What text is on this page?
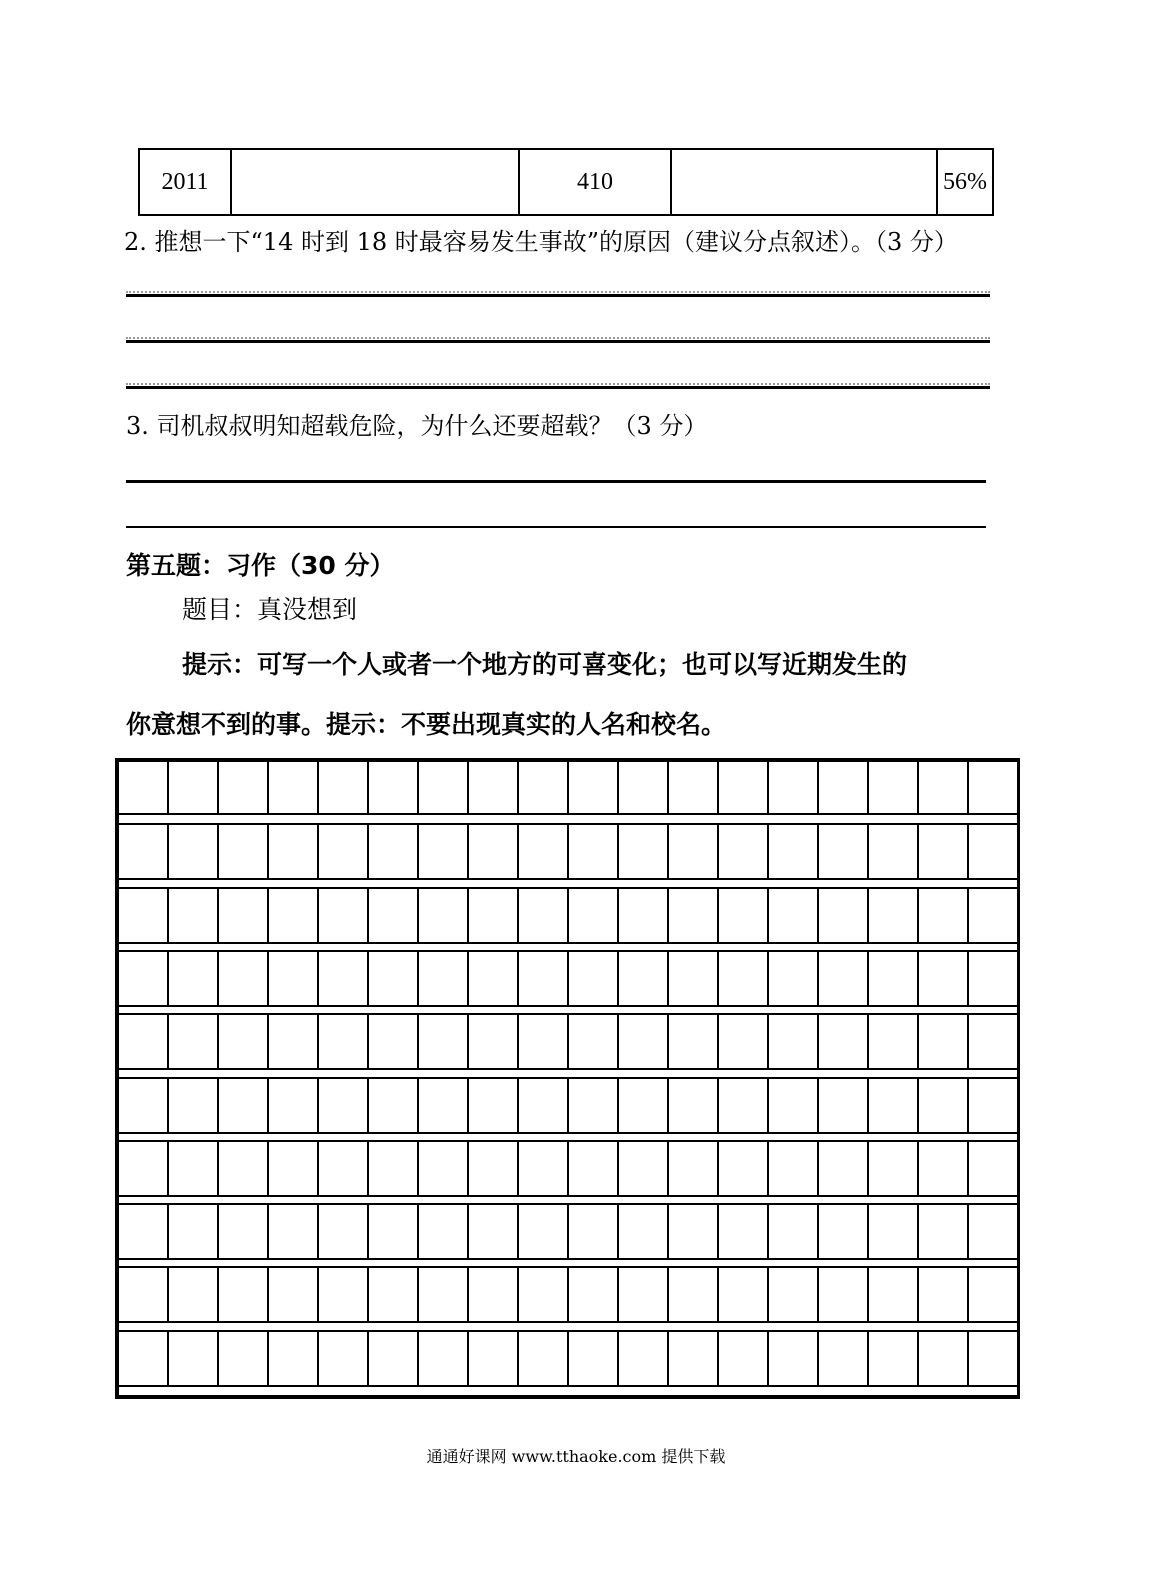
2011		410		56%
2. 推想一下“14 时到 18 时最容易发生事故”的原因（建议分点叙述）。（3 分）
3. 司机叔叔明知超载危险，为什么还要超载？（3 分）
第五题：习作（30 分）
题目：真没想到
提示：可写一个人或者一个地方的可喜变化；也可以写近期发生的
你意想不到的事。提示：不要出现真实的人名和校名。
通通好课网 www.tthaoke.com 提供下载
